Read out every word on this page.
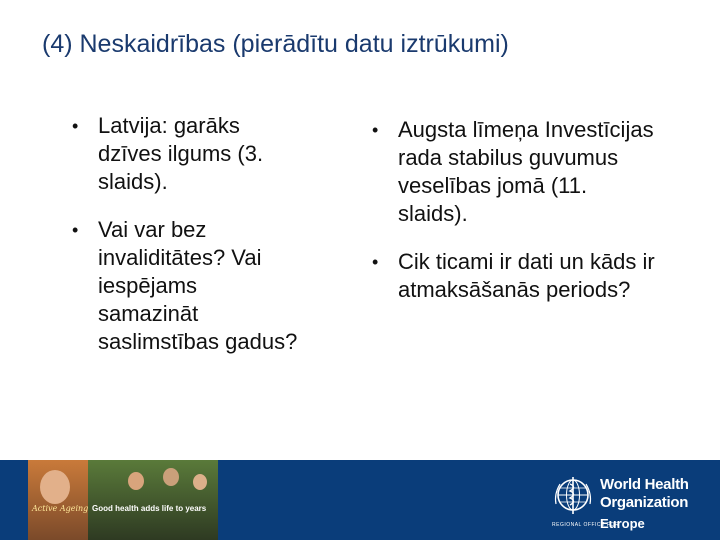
(4) Neskaidrības (pierādītu datu iztrūkumi)
• Latvija: garāks dzīves ilgums (3. slaids).
• Vai var bez invaliditātes? Vai iespējams samazināt saslimstības gadus?
• Augsta līmeņa Investīcijas rada stabilus guvumus veselības jomā (11. slaids).
• Cik ticami ir dati un kāds ir atmaksāšanās periods?
Active Ageing Good health adds life to years
World Health
Organization
REGIONAL OFFICE FOR
Europe
